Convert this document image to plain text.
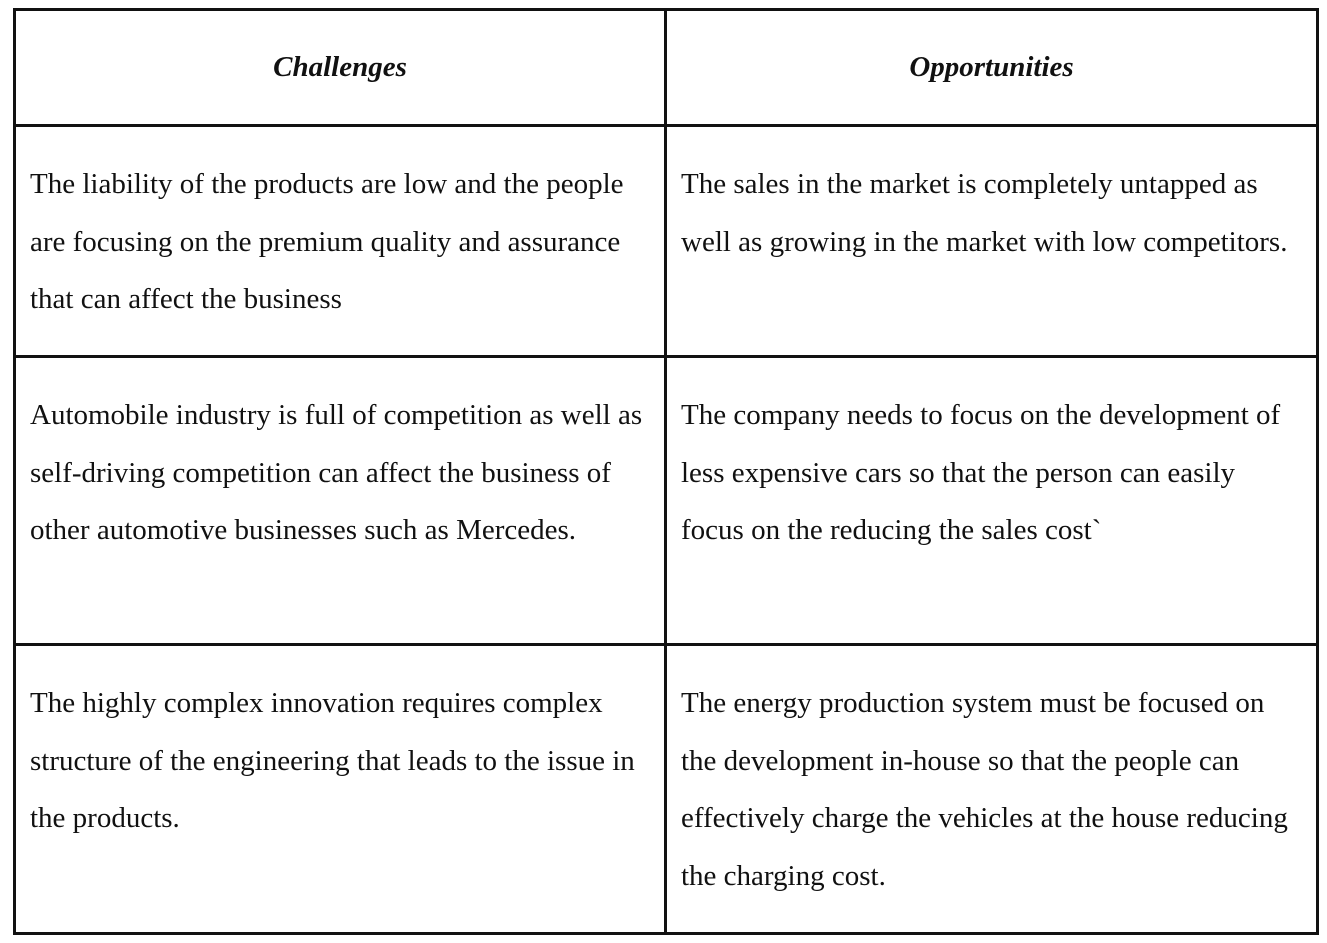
Challenges	Opportunities
The liability of the products are low and the people are focusing on the premium quality and assurance that can affect the business	The sales in the market is completely untapped as well as growing in the market with low competitors.
Automobile industry is full of competition as well as self-driving competition can affect the business of other automotive businesses such as Mercedes.	The company needs to focus on the development of less expensive cars so that the person can easily focus on the reducing the sales cost`
The highly complex innovation requires complex structure of the engineering that leads to the issue in the products.	The energy production system must be focused on the development in-house so that the people can effectively charge the vehicles at the house reducing the charging cost.
